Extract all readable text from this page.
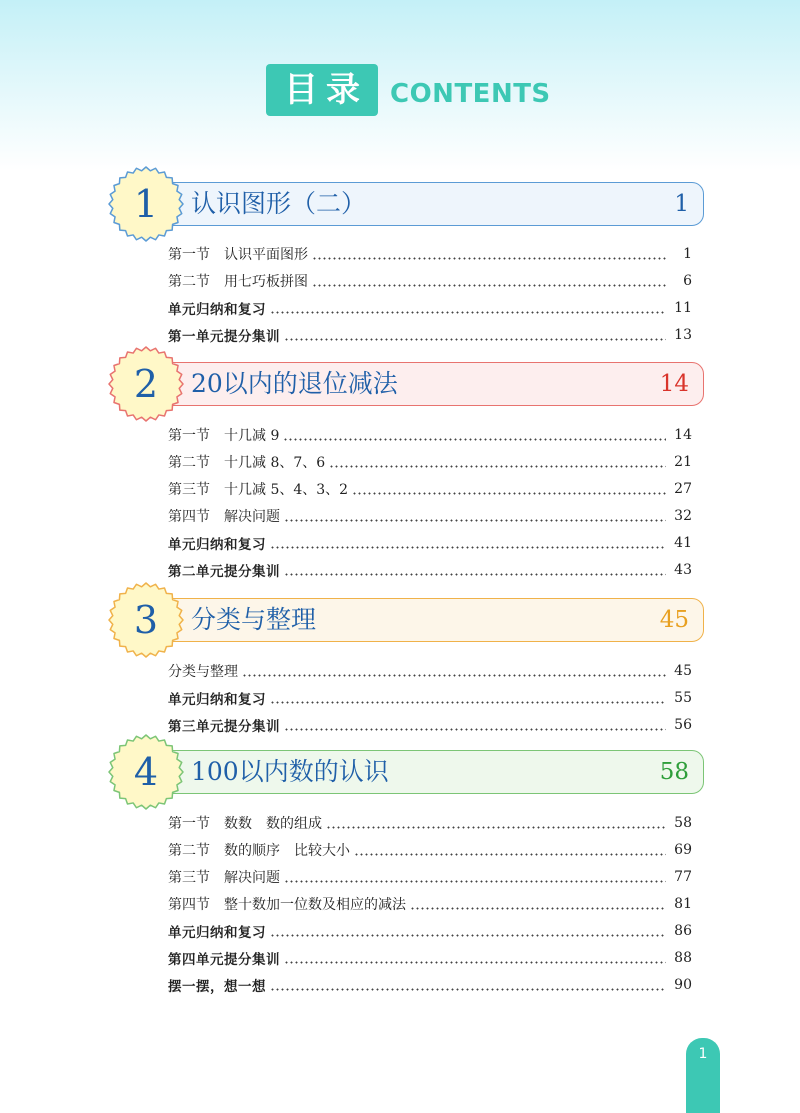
目录 CONTENTS
认识图形（二）	1
1
第一节　认识平面图形	1
第二节　用七巧板拼图	6
单元归纳和复习	11
第一单元提分集训	13
20以内的退位减法	14
2
第一节　十几减 9	14
第二节　十几减 8、7、6	21
第三节　十几减 5、4、3、2	27
第四节　解决问题	32
单元归纳和复习	41
第二单元提分集训	43
分类与整理	45
3
分类与整理	45
单元归纳和复习	55
第三单元提分集训	56
100以内数的认识	58
4
第一节　数数　数的组成	58
第二节　数的顺序　比较大小	69
第三节　解决问题	77
第四节　整十数加一位数及相应的减法	81
单元归纳和复习	86
第四单元提分集训	88
摆一摆，想一想	90
1
